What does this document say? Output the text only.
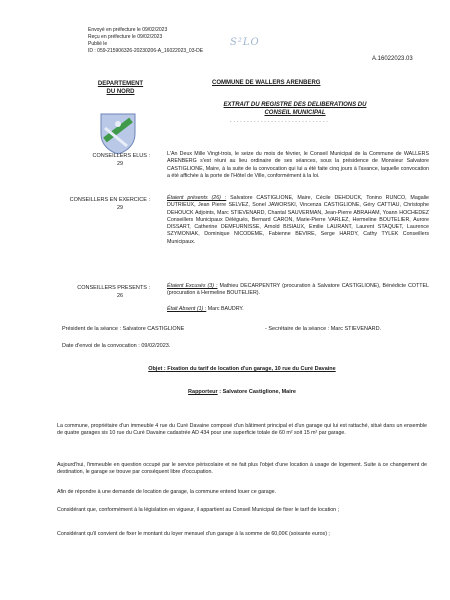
Envoyé en préfecture le 09/02/2023
Reçu en préfecture le 09/02/2023
Publié le
ID : 059-215906326-20230206-A_16022023_03-DE
S²LO
A.16022023.03
DEPARTEMENT
DU NORD
COMMUNE DE WALLERS ARENBERG
EXTRAIT DU REGISTRE DES DELIBERATIONS DU
CONSEIL MUNICIPAL
- - - - - - - - - - - - - - - - - - - - - - - - - - - - -
CONSEILLERS ELUS :
29
L'An Deux Mille Vingt-trois, le seize du mois de février, le Conseil Municipal de la Commune de WALLERS ARENBERG s'est réuni au lieu ordinaire de ses séances, sous la présidence de Monsieur Salvatore CASTIGLIONE, Maire, à la suite de la convocation qui lui a été faite cinq jours à l'avance, laquelle convocation a été affichée à la porte de l'Hôtel de Ville, conformément à la loi.
CONSEILLERS EN EXERCICE :
29
Étaient présents (26) : Salvatore CASTIGLIONE, Maire, Cécile DEHOUCK, Tonino RUNCO, Magalie DUTRIEUX, Jean Pierre SELVEZ, Sonel JAWORSKI, Vincenza CASTIGLIONE, Géry CATTIAU, Christophe DEHOUCK Adjoints, Marc STIEVENARD, Chantal SAUVERMAN, Jean-Pierre ABRAHAM, Yoann HOCHEDEZ Conseillers Municipaux Délégués, Bernard CARON, Marie-Pierre VARLEZ, Hermeline BOUTELIER, Aurore DISSART, Catherine DEMFURNISSE, Arnold BISIAUX, Emilie LAURANT, Laurent STAQUET, Laurence SZYMONIAK, Dominique NICODEME, Fabienne BEVIRE, Serge HARDY, Cathy TYLEK Conseillers Municipaux.
CONSEILLERS PRESENTS :
26
Étaient Excusés (3) : Mathieu DECARPENTRY (procuration à Salvatore CASTIGLIONE), Bénédicte COTTEL (procuration à Hermeline BOUTELIER).
Était Absent (1) : Marc BAUDRY.
Président de la séance : Salvatore CASTIGLIONE	- Secrétaire de la séance : Marc STIEVENARD.
Date d'envoi de la convocation : 09/02/2023.
Objet : Fixation du tarif de location d'un garage, 10 rue du Curé Davaine
Rapporteur : Salvatore Castiglione, Maire
La commune, propriétaire d'un immeuble 4 rue du Curé Davaine composé d'un bâtiment principal et d'un garage qui lui est rattaché, situé dans un ensemble de quatre garages sis 10 rue du Curé Davaine cadastrée AD 434 pour une superficie totale de 60 m² soit 15 m² par garage.
Aujourd'hui, l'immeuble en question occupé par le service périscolaire et ne fait plus l'objet d'une location à usage de logement. Suite à ce changement de destination, le garage se trouve par conséquent libre d'occupation.
Afin de répondre à une demande de location de garage, la commune entend louer ce garage.
Considérant que, conformément à la législation en vigueur, il appartient au Conseil Municipal de fixer le tarif de location ;
Considérant qu'il convient de fixer le montant du loyer mensuel d'un garage à la somme de 60,00€ (soixante euros) ;
